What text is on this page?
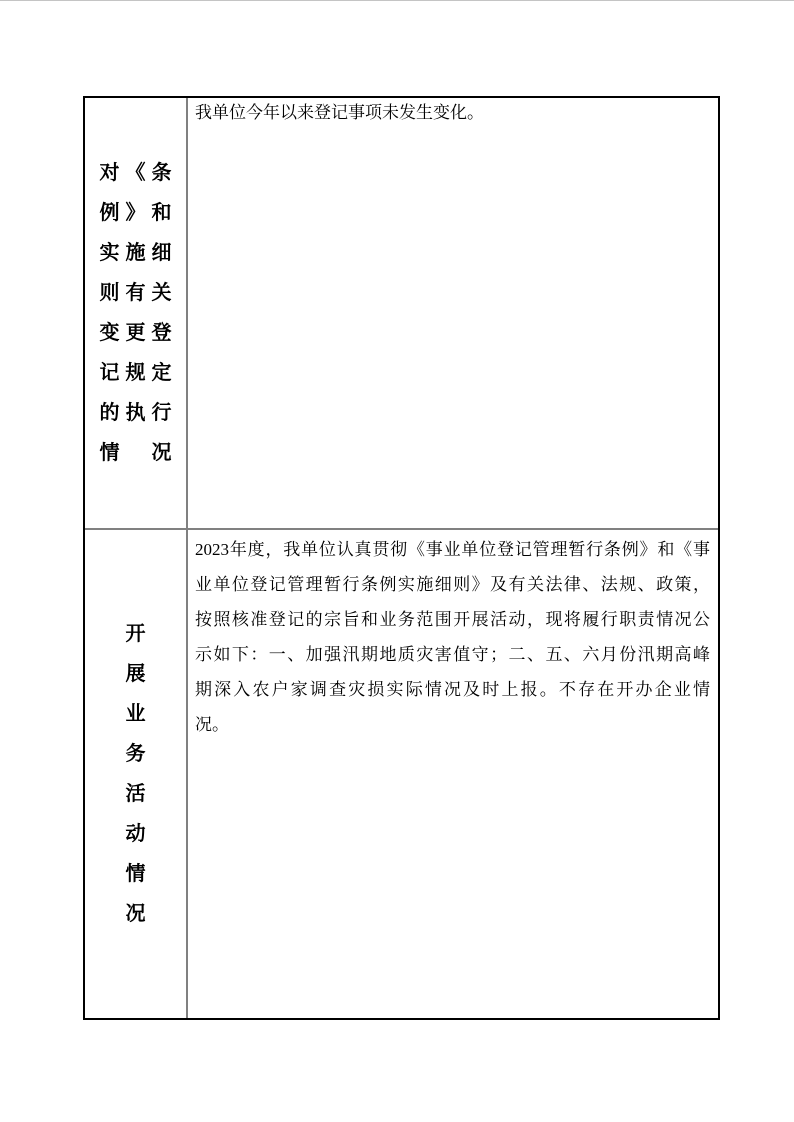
对《条
例》和
实施细
则有关
变更登
记规定
的执行
情况
我单位今年以来登记事项未发生变化。
开
展
业
务
活
动
情
况
2023年度，我单位认真贯彻《事业单位登记管理暂行条例》和《事
业单位登记管理暂行条例实施细则》及有关法律、法规、政策，
按照核准登记的宗旨和业务范围开展活动，现将履行职责情况公
示如下：一、加强汛期地质灾害值守；二、五、六月份汛期高峰
期深入农户家调查灾损实际情况及时上报。不存在开办企业情
况。
